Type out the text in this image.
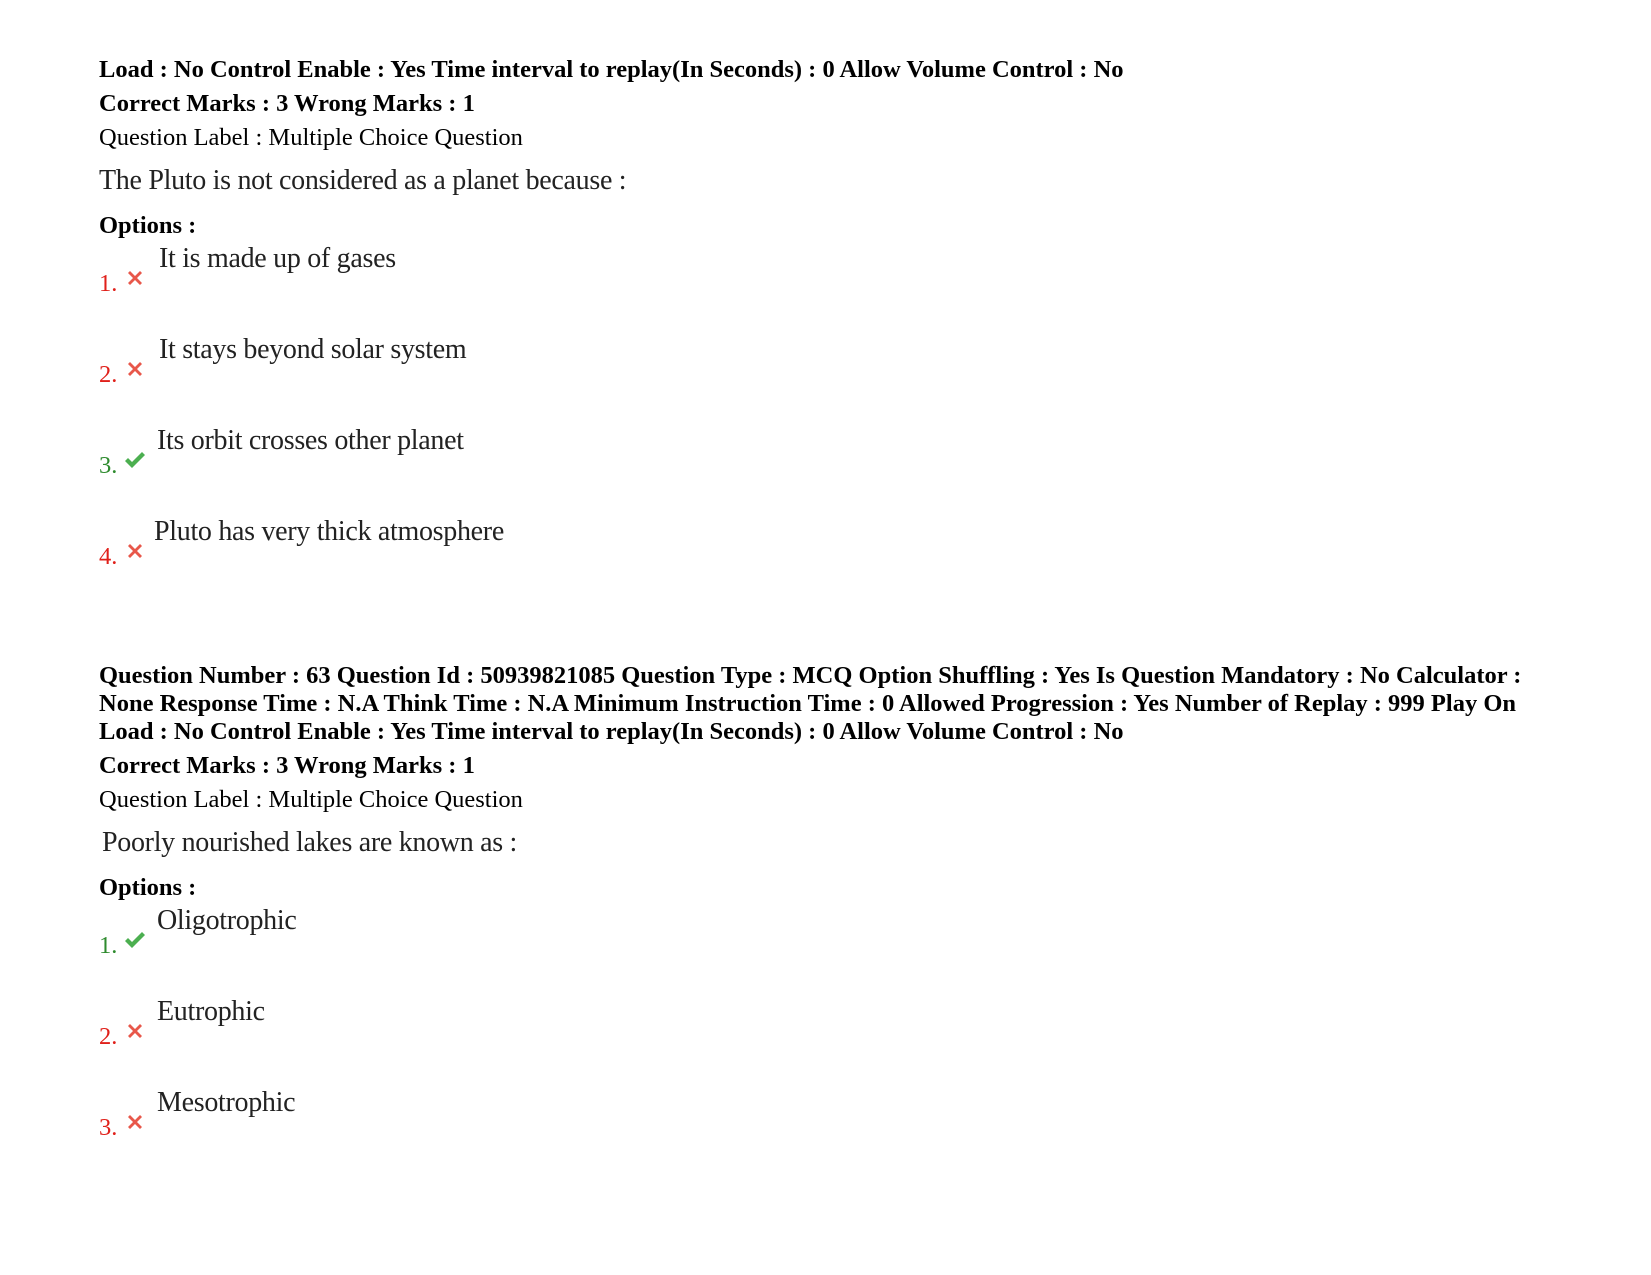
Load : No Control Enable : Yes Time interval to replay(In Seconds) : 0 Allow Volume Control : No
Correct Marks : 3 Wrong Marks : 1
Question Label : Multiple Choice Question
The Pluto is not considered as a planet because :
Options :
1.
It is made up of gases
2.
It stays beyond solar system
3.
Its orbit crosses other planet
4.
Pluto has very thick atmosphere
Question Number : 63 Question Id : 50939821085 Question Type : MCQ Option Shuffling : Yes Is Question Mandatory : No Calculator :
None Response Time : N.A Think Time : N.A Minimum Instruction Time : 0 Allowed Progression : Yes Number of Replay : 999 Play On
Load : No Control Enable : Yes Time interval to replay(In Seconds) : 0 Allow Volume Control : No
Correct Marks : 3 Wrong Marks : 1
Question Label : Multiple Choice Question
Poorly nourished lakes are known as :
Options :
1.
Oligotrophic
2.
Eutrophic
3.
Mesotrophic
